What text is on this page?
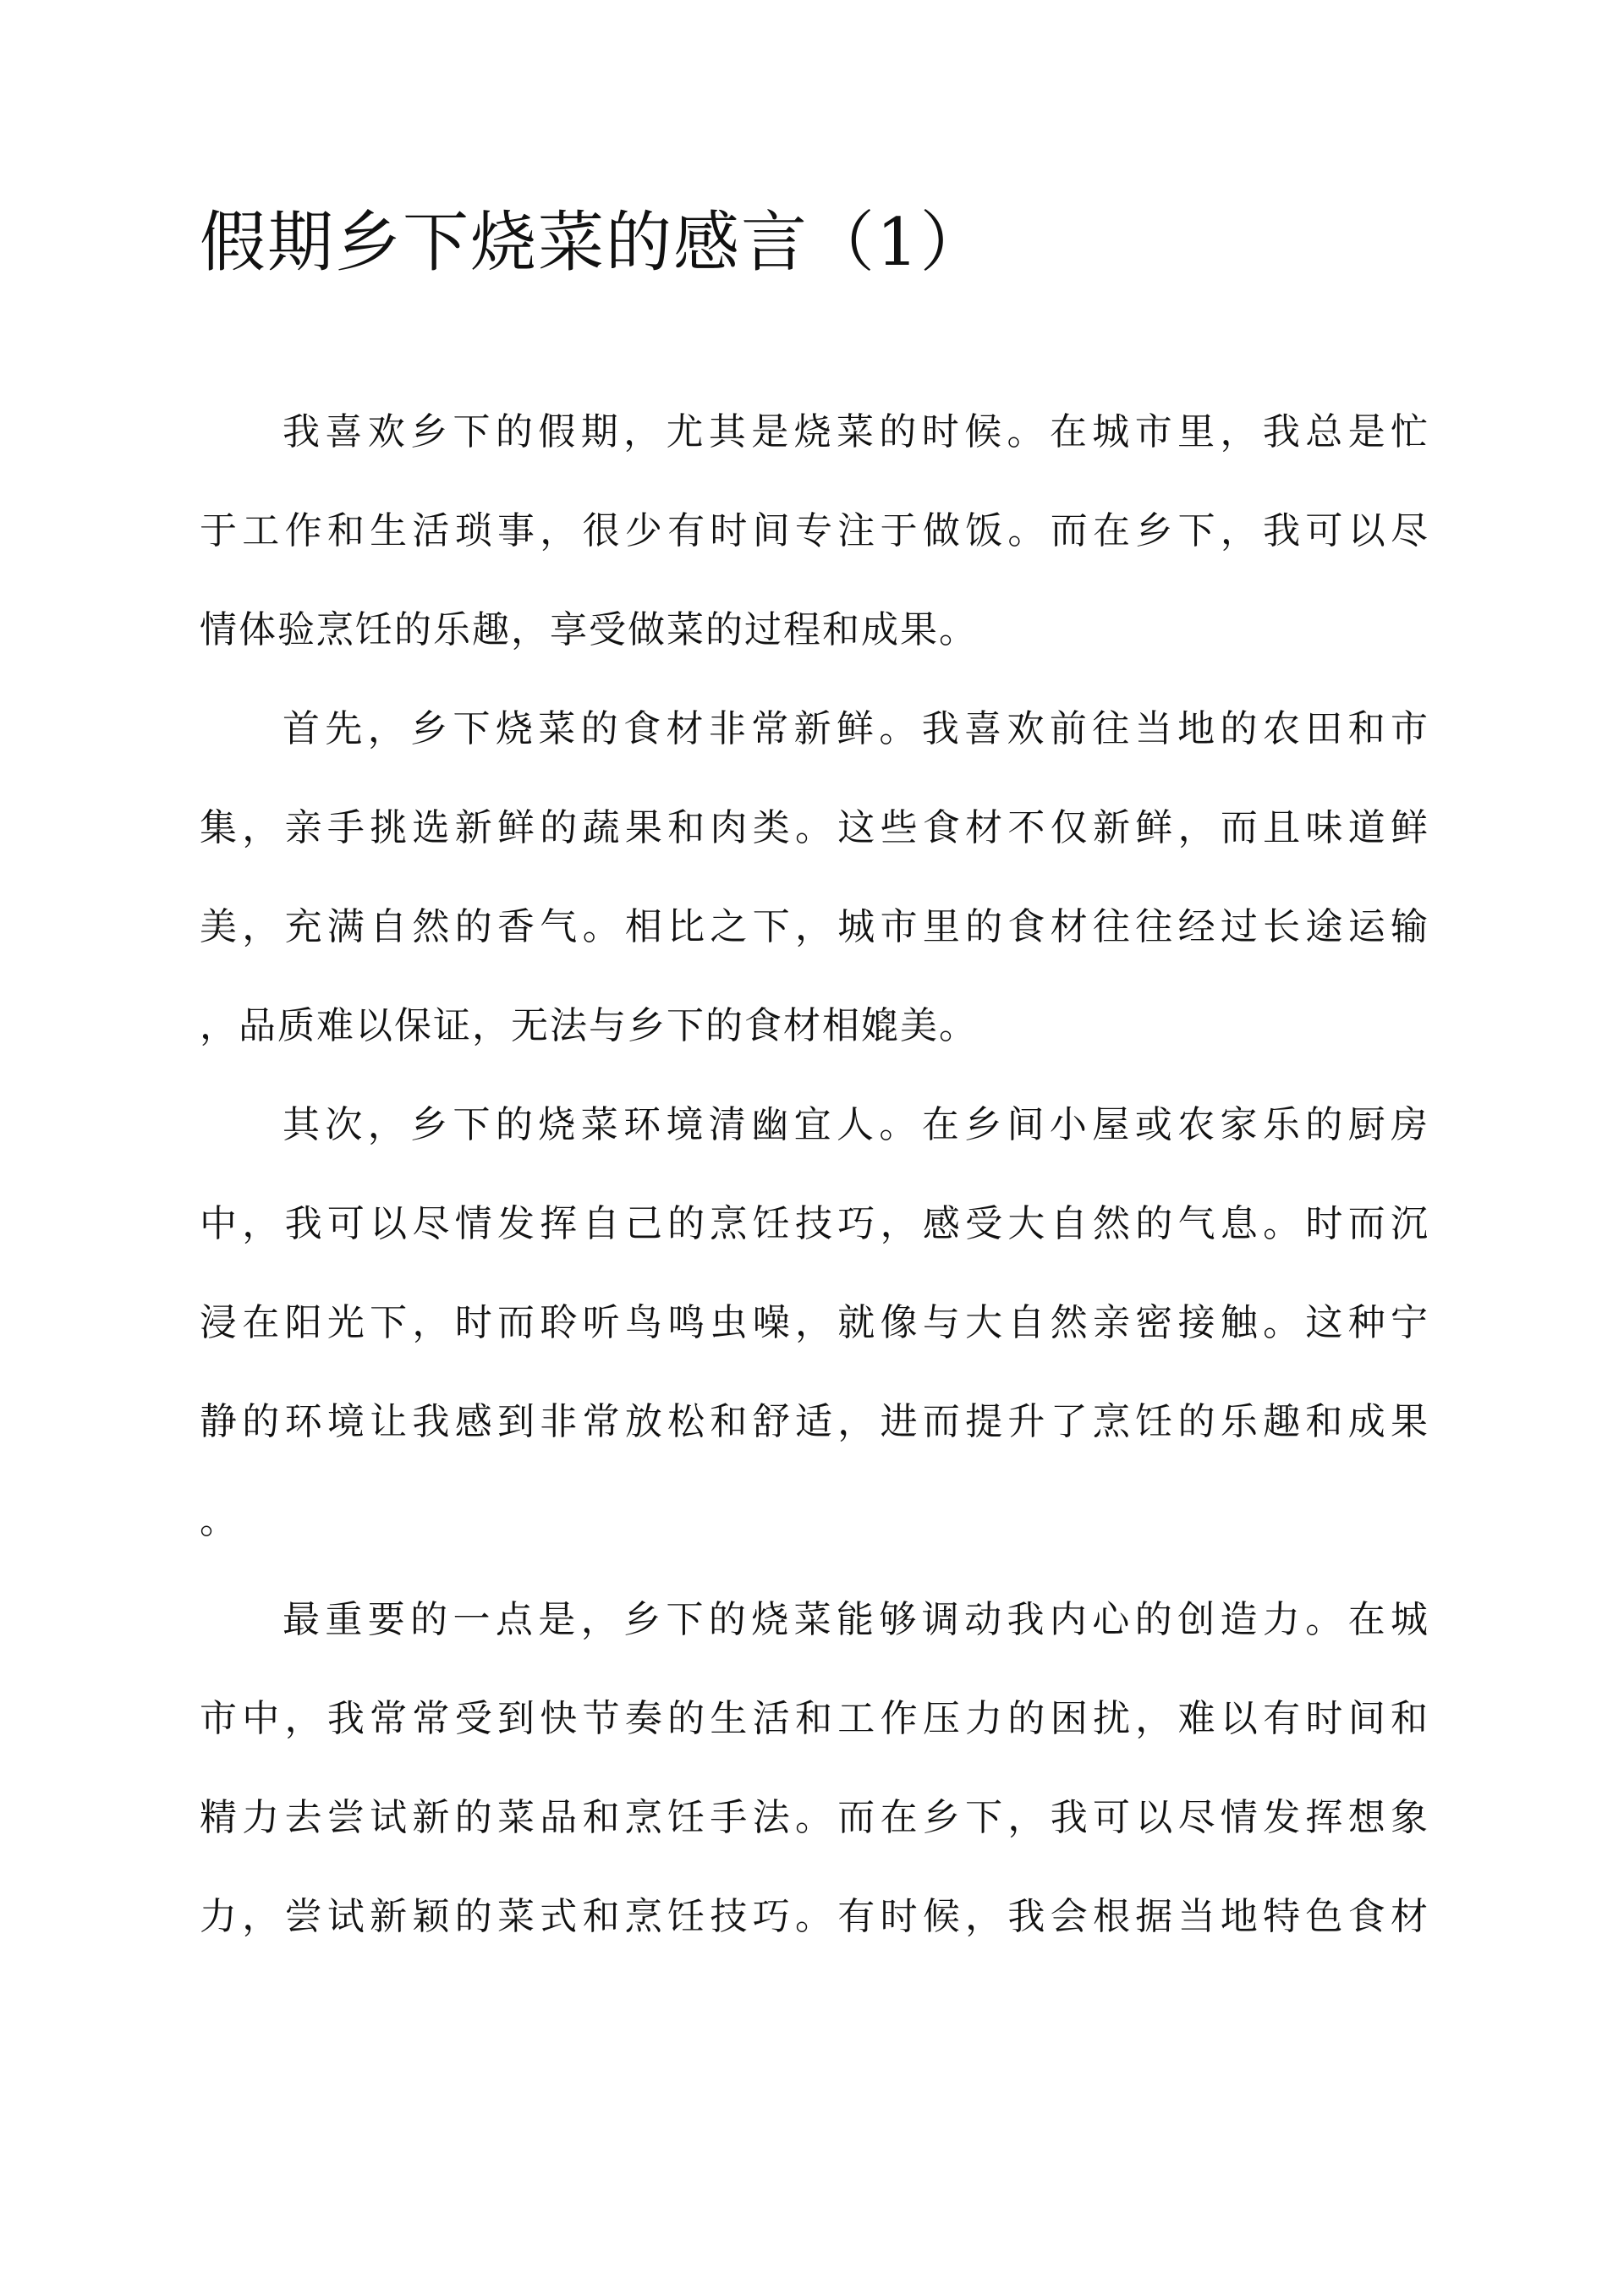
假期乡下烧菜的感言（1）
我喜欢乡下的假期，尤其是烧菜的时候。在城市里，我总是忙
于工作和生活琐事，很少有时间专注于做饭。而在乡下，我可以尽
情体验烹饪的乐趣，享受做菜的过程和成果。
首先，乡下烧菜的食材非常新鲜。我喜欢前往当地的农田和市
集，亲手挑选新鲜的蔬果和肉类。这些食材不仅新鲜，而且味道鲜
美，充满自然的香气。相比之下，城市里的食材往往经过长途运输
，品质难以保证，无法与乡下的食材相媲美。
其次，乡下的烧菜环境清幽宜人。在乡间小屋或农家乐的厨房
中，我可以尽情发挥自己的烹饪技巧，感受大自然的气息。时而沉
浸在阳光下，时而聆听鸟鸣虫噪，就像与大自然亲密接触。这种宁
静的环境让我感到非常放松和舒适，进而提升了烹饪的乐趣和成果
。
最重要的一点是，乡下的烧菜能够调动我内心的创造力。在城
市中，我常常受到快节奏的生活和工作压力的困扰，难以有时间和
精力去尝试新的菜品和烹饪手法。而在乡下，我可以尽情发挥想象
力，尝试新颖的菜式和烹饪技巧。有时候，我会根据当地特色食材
